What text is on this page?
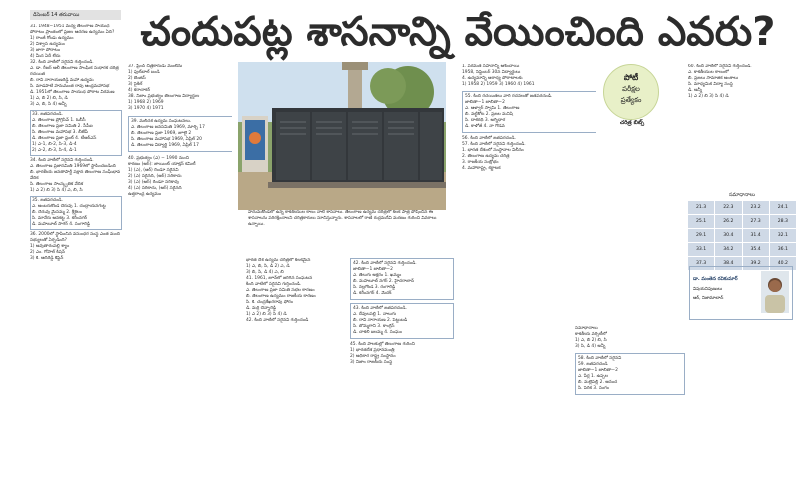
డిసెంబర్ 14 తరువాయి	చందుపట్ల శాసనాన్ని వేయించింది ఎవరు?

31. 1948−1951 మధ్య తెలంగాణ సాయుధ పోరాటం ప్రాంతంలో ప్రజల ఆదరణ ఉద్యమం ఏది?

1) రాంజీ గోండు ఉద్యమం

2) విశ్వాస ఉద్యమం

3) జాగా పోరాటం

4) మీద ఏదీ లేదు

32. కింది వాటిలో సరైనవి గుర్తించండి.

ఎ. డా. రీజర్ అలీ తెలంగాణ సాంఘిక సుధారక చరిత్ర రచయిత

బి. రావి నారాయణరెడ్డి మహా ఉద్యమ

సి. మాడపాటి హనుమంత రావు ఆంధ్రమహాసభ

డి. 1951లో తెలంగాణ సాయుధ పోరాట విరమణ

1) ఎ, బి 2) బి, సి, డి

3) ఎ, బి, సి 4) అన్నీ

33. జతపరచండి.

ఎ. తెలంగాణ ప్రోగ్రెసివ్ 1. ఓబీసీ

బి. తెలంగాణ ప్రజా సమితి 2. సీపీఐ

సి. తెలంగాణ మహాసభ 3. బీజేపీ

డి. తెలంగాణ ప్రజా ఫ్రంట్ 4. టీఆర్ఎస్

1) ఎ-1, బి-2, సి-3, డి-4

2) ఎ-2, బి-3, సి-4, డి-1

34. కింది వాటిలో సరైనవి గుర్తించండి.

ఎ. తెలంగాణ ప్రజాసమితి 1969లో స్థాపించబడింది

బి. భారతీయ జనతాపార్టీ పక్షాన తెలంగాణ సంఘీభావ వేదిక

సి. తెలంగాణ సాంస్కృతిక వేదిక

1) ఎ 2) బి 3) సి 4) ఎ, బి, సి

35. జతపరచండి.

ఎ. అంబరుకొండ చెరువు 1. చంద్రాయనగుట్ట

బి. చెరువు మైసమ్మ 2. శ్రీశైలం

సి. మానేరు ఆనకట్ట 3. కరీంనగర్

డి. మహబూబ్ సాగర్ 4. సంగారెడ్డి

36. 2000లో స్థాపించిన వసుంధర సంస్థ ఎంత మంది సభ్యులతో ఏర్పడింది?

1) అవుతారంపల్లి శ్యాం

2) ఎం. గోపాల్ కిషన్

3) కె. ఆదిరెడ్డి కెప్టెన్

37. ఫ్రెంచ్ చిత్రకారుడు మంటేను

1) ఫుట్‌బాల్ బండి

2) బెంజిస్

3) సైకిల్

4) కరాచాకర్

38. నిజాం ప్రభుత్వం తెలంగాణ విద్యార్థుల

1) 1968 2) 1969

3) 1970 4) 1971

39. మలిదశ ఉద్యమ సంఘటనలు.

ఎ. తెలంగాణ జనసమితి 1969, మార్చి 17

బి. తెలంగాణ ప్రజా 1969, జూలై 2

సి. తెలంగాణ మహాసభ 1969, ఏప్రిల్ 20

డి. తెలంగాణ విద్యార్థి 1969, ఏప్రిల్ 17

40. ప్రభుత్వం (ఎ) − 1990 నుంచి

కారణం (ఆర్): జాయింట్ యాక్షన్ కమిటీ

1) (ఎ), (ఆర్) రెండూ సరైనవి

2) (ఎ) సరైనది, (ఆర్) సరికాదు

3) (ఎ) (ఆర్) రెండూ సరికావు

4) (ఎ) సరికాదు, (ఆర్) సరైనది

ఉత్తరాంధ్ర ఉద్యమం

హనుమకొండలో ఉన్న కాకతీయుల కాలం నాటి శాసనాలు. తెలంగాణ ఉద్యమ చరిత్రలో కీలక పాత్ర పోషించిన ఈ శాసనాలను పరిరక్షించాలని చరిత్రకారులు సూచిస్తున్నారు. శాసనాలలో రాణి రుద్రమదేవి మరణం గురించి వివరాలు ఉన్నాయి.

భారత దేశ ఉద్యమ చరిత్రలో కీలకమైన

1) ఎ, బి, సి, డి 2) ఎ, డి

3) బి, సి, డి 4) ఎ, బి

41. 1961, జూన్‌లో జరిగిన సంఘటన

కింది వాటిలో సరైనవి గుర్తించండి.

ఎ. తెలంగాణ ప్రజా సమితి సభల కారణం

బి. తెలంగాణ ఉద్యమం రాజకీయ కారణం

సి. కె. చంద్రశేఖరరావు ఫోరం

డి. మర్రి చెన్నారెడ్డి

1) ఎ 2) బి 3) సి 4) డి

42. కింది వాటిలో సరైనవి గుర్తించండి

42. కింది వాటిలో సరైనవి గుర్తించండి.

జాబితా−1 జాబితా−2

ఎ. తెలుగు అక్షరం 1. ఖమ్మం

బి. మహబూబ్ నగర్ 2. హైదరాబాద్

సి. నల్లగొండ 3. రంగారెడ్డి

డి. కరీంనగర్ 4. మెదక్

43. కింది వాటిలో జతపరచండి.

ఎ. దేవులపల్లి 1. నాలుగు

బి. రావి నారాయణ 2. పెట్టుబడి

సి. బొమ్మగాని 3. కాంగ్రెస్

డి. చాకలి ఐలమ్మ 4. సంఘం

45. కింది పాలకుల్లో తెలంగాణ గురించి

1) భారతదేశ ప్రధానమంత్రి

2) అధికార రాష్ట్ర సంస్థానం

3) నిజాం రాజకీయ సంస్థ

1. పరమత సహనాన్ని ఆశించాయి

1958, సెప్టెంబర్ 30న విద్యార్థులు

4. ఉద్యమాన్ని ఆరాధ్య పోరాటాలకు

1) 1958 2) 1959 3) 1960 4) 1961

55. కింది రచయితలు వారి రచనలతో జతపరచండి.

జాబితా−1 జాబితా−2

ఎ. ఆళ్వార్ స్వామి 1. తెలంగాణ

బి. వట్టికోట 2. ప్రజల మనిషి

సి. దాశరథి 3. అగ్నిధార

డి. కాళోజీ 4. నా గొడవ

56. కింది వాటిలో జతపరచండి.

57. కింది వాటిలో సరైనవి గుర్తించండి.

1. భారత దేశంలో సంస్థానాల విలీనం

2. తెలంగాణ ఉద్యమ చరిత్ర

3. రాజకీయ సంక్షోభం

4. మహారాష్ట్ర, కర్ణాటక

పోటీ
పరీక్షల
ప్రత్యేకం
చరిత్ర బిట్స్

60. కింది వాటిలో సరైనవి గుర్తించండి.

ఎ. కాకతీయుల కాలంలో

బి. ప్రజలు సామాజిక అంశాలు

సి. మాధ్యమిక విద్యా సంస్థ

డి. అన్నీ

1) ఎ 2) బి 3) సి 4) డి

సమాధానాలు
21.3	22.3	23.2	24.1
25.1	26.2	27.3	28.3
29.1	30.4	31.4	32.1
33.1	34.2	35.4	36.1
37.3	38.4	39.2	40.2
డా. మంతెన రవికుమార్
విషయనిపుణులు
ఆర్, నిజామాబాద్

సమాధానాలు

కాకతీయ వర్సిటీలో

1) ఎ, బి 2) బి, సి

3) సి, డి 4) అన్నీ

58. కింది వాటిలో సరైనవి

59. జతపరచండి

జాబితా−1 జాబితా−2

ఎ. పేర్ల 1. ఉప్పల

బి. మల్లెపల్లి 2. ఆనంద

సి. పెరిక 3. సంగం
